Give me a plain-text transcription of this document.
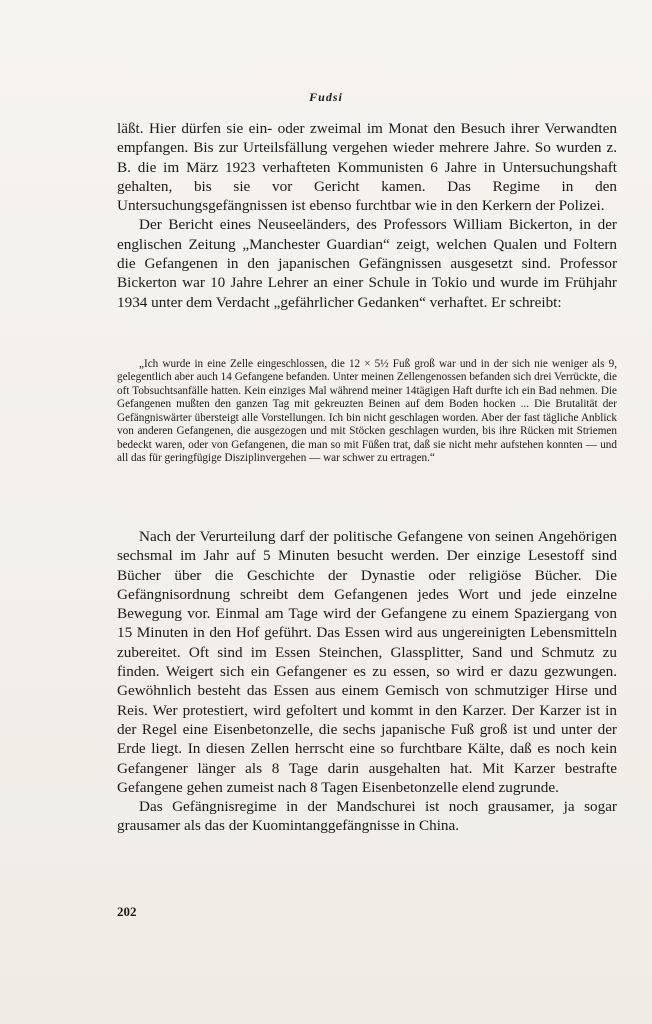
Fudsi

läßt. Hier dürfen sie ein- oder zweimal im Monat den Besuch ihrer Verwandten empfangen. Bis zur Urteilsfällung vergehen wieder mehrere Jahre. So wurden z. B. die im März 1923 verhafteten Kommunisten 6 Jahre in Untersuchungshaft gehalten, bis sie vor Gericht kamen. Das Regime in den Untersuchungsgefängnissen ist ebenso furchtbar wie in den Kerkern der Polizei.

Der Bericht eines Neuseeländers, des Professors William Bickerton, in der englischen Zeitung „Manchester Guardian“ zeigt, welchen Qualen und Foltern die Gefangenen in den japanischen Gefängnissen ausgesetzt sind. Professor Bickerton war 10 Jahre Lehrer an einer Schule in Tokio und wurde im Frühjahr 1934 unter dem Verdacht „gefährlicher Gedanken“ verhaftet. Er schreibt:

„Ich wurde in eine Zelle eingeschlossen, die 12 × 5½ Fuß groß war und in der sich nie weniger als 9, gelegentlich aber auch 14 Gefangene befanden. Unter meinen Zellengenossen befanden sich drei Verrückte, die oft Tobsuchtsanfälle hatten. Kein einziges Mal während meiner 14tägigen Haft durfte ich ein Bad nehmen. Die Gefangenen mußten den ganzen Tag mit gekreuzten Beinen auf dem Boden hocken ... Die Brutalität der Gefängniswärter übersteigt alle Vorstellungen. Ich bin nicht geschlagen worden. Aber der fast tägliche Anblick von anderen Gefangenen, die ausgezogen und mit Stöcken geschlagen wurden, bis ihre Rücken mit Striemen bedeckt waren, oder von Gefangenen, die man so mit Füßen trat, daß sie nicht mehr aufstehen konnten — und all das für geringfügige Disziplinvergehen — war schwer zu ertragen.“

Nach der Verurteilung darf der politische Gefangene von seinen Angehörigen sechsmal im Jahr auf 5 Minuten besucht werden. Der einzige Lesestoff sind Bücher über die Geschichte der Dynastie oder religiöse Bücher. Die Gefängnisordnung schreibt dem Gefangenen jedes Wort und jede einzelne Bewegung vor. Einmal am Tage wird der Gefangene zu einem Spaziergang von 15 Minuten in den Hof geführt. Das Essen wird aus ungereinigten Lebensmitteln zubereitet. Oft sind im Essen Steinchen, Glassplitter, Sand und Schmutz zu finden. Weigert sich ein Gefangener es zu essen, so wird er dazu gezwungen. Gewöhnlich besteht das Essen aus einem Gemisch von schmutziger Hirse und Reis. Wer protestiert, wird gefoltert und kommt in den Karzer. Der Karzer ist in der Regel eine Eisenbetonzelle, die sechs japanische Fuß groß ist und unter der Erde liegt. In diesen Zellen herrscht eine so furchtbare Kälte, daß es noch kein Gefangener länger als 8 Tage darin ausgehalten hat. Mit Karzer bestrafte Gefangene gehen zumeist nach 8 Tagen Eisenbetonzelle elend zugrunde.

Das Gefängnisregime in der Mandschurei ist noch grausamer, ja sogar grausamer als das der Kuomintanggefängnisse in China.

202
